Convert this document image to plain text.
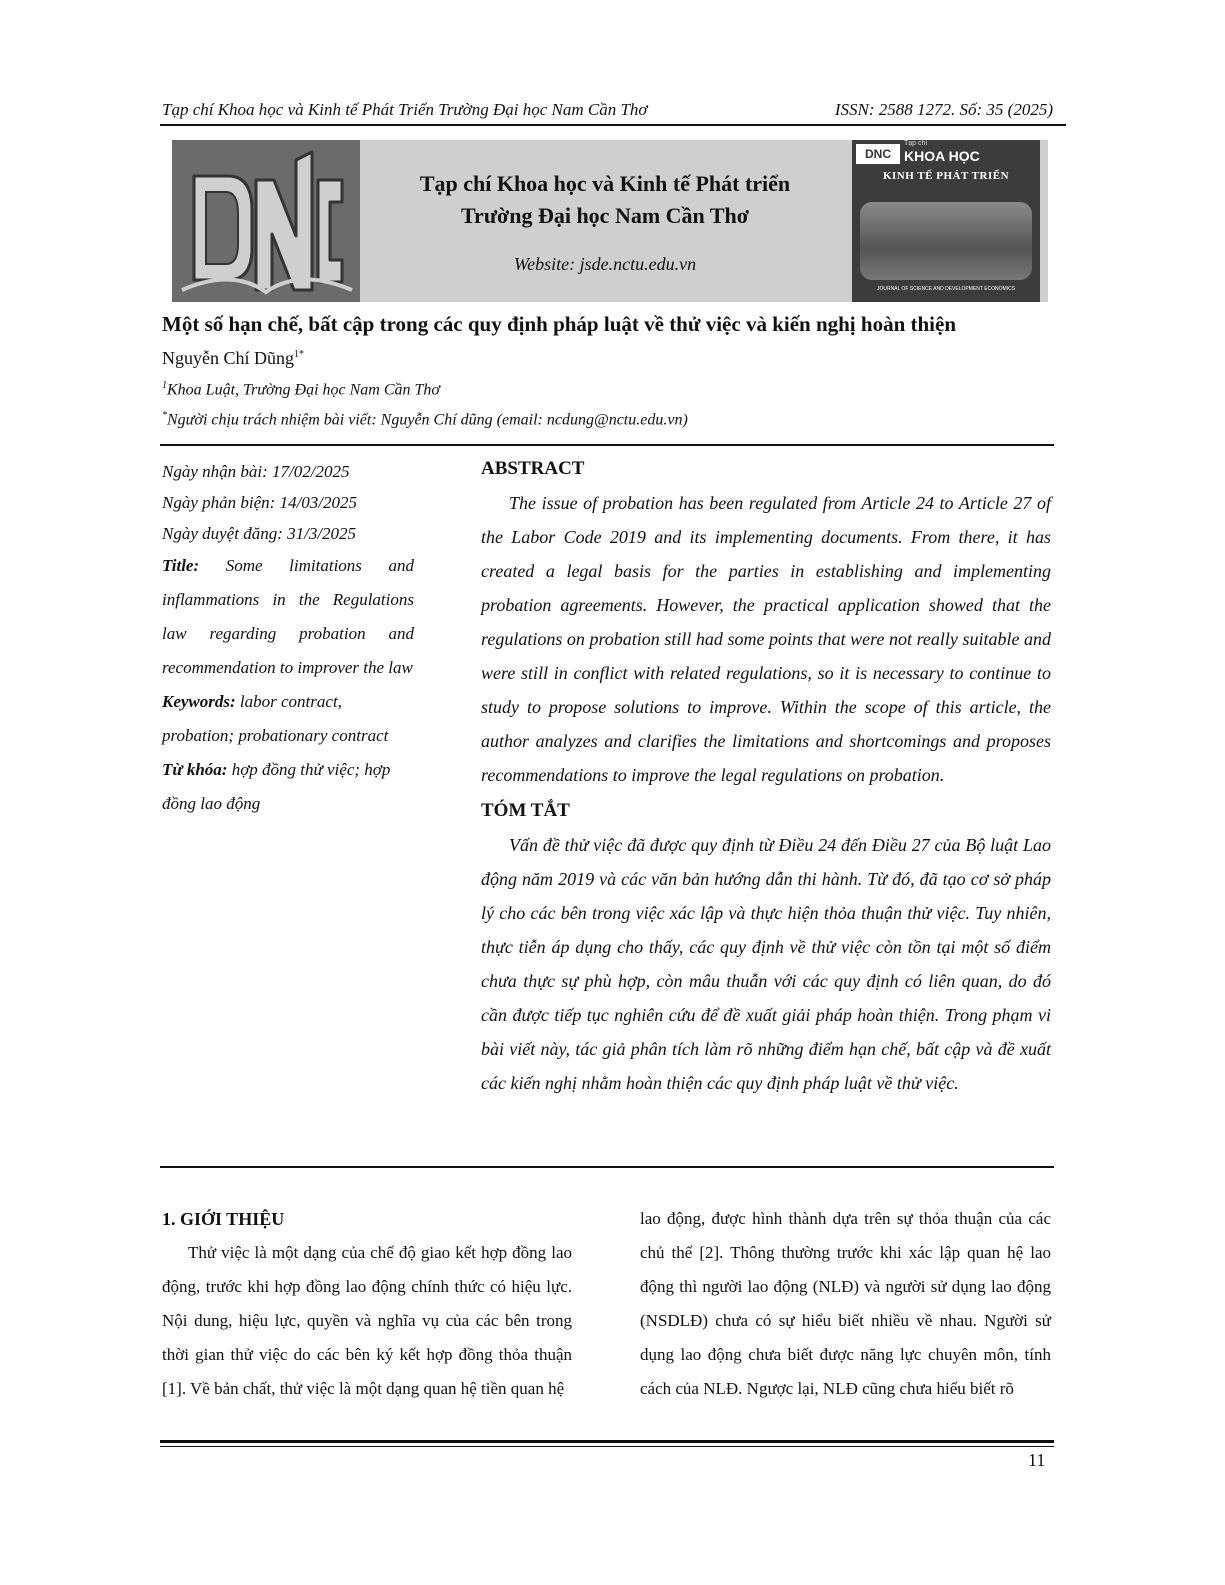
Tạp chí Khoa học và Kinh tế Phát Triển Trường Đại học Nam Cần Thơ	ISSN: 2588 1272. Số: 35 (2025)
Tạp chí Khoa học và Kinh tế Phát triển
Trường Đại học Nam Cần Thơ
Website: jsde.nctu.edu.vn
DNC
Tạp chí
KHOA HỌC
KINH TẾ PHÁT TRIỂN
JOURNAL OF SCIENCE AND DEVELOPMENT ECONOMICS
Một số hạn chế, bất cập trong các quy định pháp luật về thử việc và kiến nghị hoàn thiện
Nguyễn Chí Dũng$^{1*}$
$^1$Khoa Luật, Trường Đại học Nam Cần Thơ
*Người chịu trách nhiệm bài viết: Nguyễn Chí dũng (email: ncdung@nctu.edu.vn)
Ngày nhận bài: 17/02/2025
Ngày phản biện: 14/03/2025
Ngày duyệt đăng: 31/3/2025
Title: Some limitations and inflammations in the Regulations law regarding probation and recommendation to improver the law
Keywords: labor contract, probation; probationary contract
Từ khóa: hợp đồng thử việc; hợp đồng lao động
ABSTRACT

The issue of probation has been regulated from Article 24 to Article 27 of the Labor Code 2019 and its implementing documents. From there, it has created a legal basis for the parties in establishing and implementing probation agreements. However, the practical application showed that the regulations on probation still had some points that were not really suitable and were still in conflict with related regulations, so it is necessary to continue to study to propose solutions to improve. Within the scope of this article, the author analyzes and clarifies the limitations and shortcomings and proposes recommendations to improve the legal regulations on probation.

TÓM TẮT

Vấn đề thử việc đã được quy định từ Điều 24 đến Điều 27 của Bộ luật Lao động năm 2019 và các văn bản hướng dẫn thi hành. Từ đó, đã tạo cơ sở pháp lý cho các bên trong việc xác lập và thực hiện thỏa thuận thử việc. Tuy nhiên, thực tiễn áp dụng cho thấy, các quy định về thử việc còn tồn tại một số điểm chưa thực sự phù hợp, còn mâu thuẫn với các quy định có liên quan, do đó cần được tiếp tục nghiên cứu để đề xuất giải pháp hoàn thiện. Trong phạm vi bài viết này, tác giả phân tích làm rõ những điểm hạn chế, bất cập và đề xuất các kiến nghị nhằm hoàn thiện các quy định pháp luật về thử việc.

1. GIỚI THIỆU

Thử việc là một dạng của chế độ giao kết hợp đồng lao động, trước khi hợp đồng lao động chính thức có hiệu lực. Nội dung, hiệu lực, quyền và nghĩa vụ của các bên trong thời gian thử việc do các bên ký kết hợp đồng thỏa thuận [1]. Về bản chất, thử việc là một dạng quan hệ tiền quan hệ

lao động, được hình thành dựa trên sự thỏa thuận của các chủ thể [2]. Thông thường trước khi xác lập quan hệ lao động thì người lao động (NLĐ) và người sử dụng lao động (NSDLĐ) chưa có sự hiểu biết nhiều về nhau. Người sử dụng lao động chưa biết được năng lực chuyên môn, tính cách của NLĐ. Ngược lại, NLĐ cũng chưa hiểu biết rõ

11
